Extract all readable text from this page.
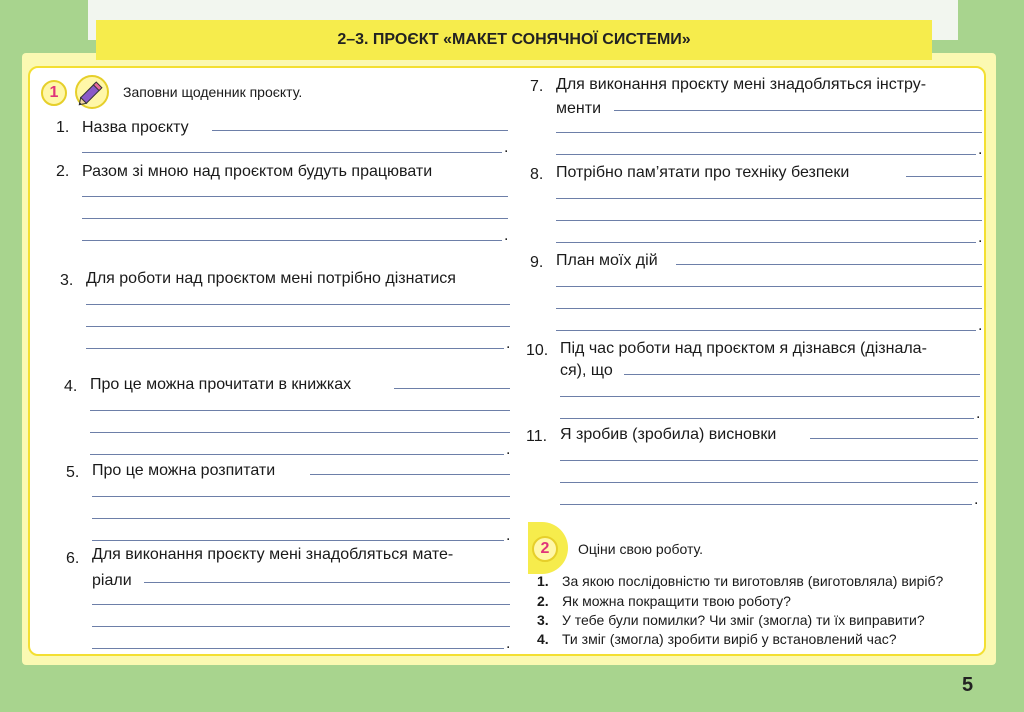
2–3. ПРОЄКТ «МАКЕТ СОНЯЧНОЇ СИСТЕМИ»
1	Заповни щоденник проєкту.
1. Назва проєкту
.
2. Разом зі мною над проєктом будуть працювати
.
3. Для роботи над проєктом мені потрібно дізнатися
.
4. Про це можна прочитати в книжках
.
5. Про це можна розпитати
.
6. Для виконання проєкту мені знадобляться мате-
ріали
.
7. Для виконання проєкту мені знадобляться інстру-
менти
.
8. Потрібно пам’ятати про техніку безпеки
.
9. План моїх дій
.
10. Під час роботи над проєктом я дізнався (дізнала-
ся), що
.
11. Я зробив (зробила) висновки
.
2	Оціни свою роботу.
1. За якою послідовністю ти виготовляв (виготовляла) виріб?
2. Як можна покращити твою роботу?
3. У тебе були помилки? Чи зміг (змогла) ти їх виправити?
4. Ти зміг (змогла) зробити виріб у встановлений час?
5
